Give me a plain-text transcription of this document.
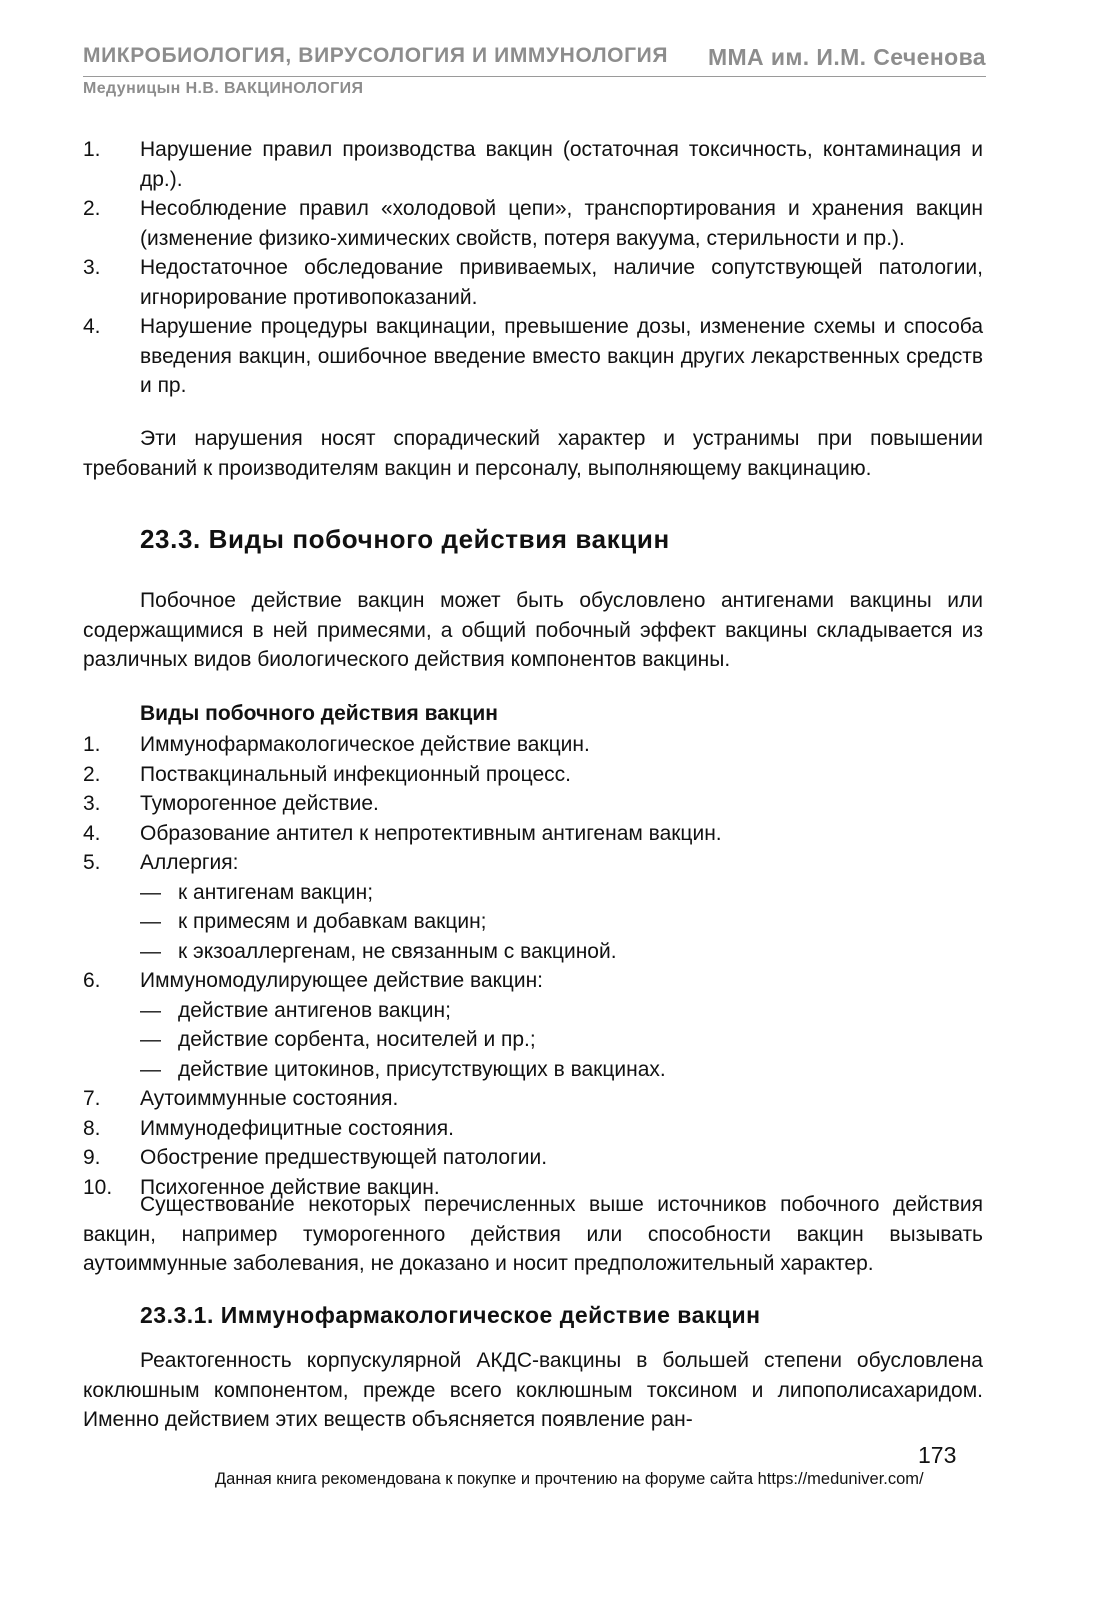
МИКРОБИОЛОГИЯ, ВИРУСОЛОГИЯ И ИММУНОЛОГИЯ ММА им. И.М. Сеченова
Медуницын Н.В. ВАКЦИНОЛОГИЯ
1. Нарушение правил производства вакцин (остаточная токсичность, контаминация и др.).
2. Несоблюдение правил «холодовой цепи», транспортирования и хранения вакцин (изменение физико-химических свойств, потеря вакуума, стерильности и пр.).
3. Недостаточное обследование прививаемых, наличие сопутствующей патологии, игнорирование противопоказаний.
4. Нарушение процедуры вакцинации, превышение дозы, изменение схемы и способа введения вакцин, ошибочное введение вместо вакцин других лекарственных средств и пр.
Эти нарушения носят спорадический характер и устранимы при повышении требований к производителям вакцин и персоналу, выполняющему вакцинацию.
23.3. Виды побочного действия вакцин
Побочное действие вакцин может быть обусловлено антигенами вакцины или содержащимися в ней примесями, а общий побочный эффект вакцины складывается из различных видов биологического действия компонентов вакцины.
Виды побочного действия вакцин
1. Иммунофармакологическое действие вакцин.
2. Поствакцинальный инфекционный процесс.
3. Туморогенное действие.
4. Образование антител к непротективным антигенам вакцин.
5. Аллергия:
— к антигенам вакцин;
— к примесям и добавкам вакцин;
— к экзоаллергенам, не связанным с вакциной.
6. Иммуномодулирующее действие вакцин:
— действие антигенов вакцин;
— действие сорбента, носителей и пр.;
— действие цитокинов, присутствующих в вакцинах.
7. Аутоиммунные состояния.
8. Иммунодефицитные состояния.
9. Обострение предшествующей патологии.
10. Психогенное действие вакцин.
Существование некоторых перечисленных выше источников побочного действия вакцин, например туморогенного действия или способности вакцин вызывать аутоиммунные заболевания, не доказано и носит предположительный характер.
23.3.1. Иммунофармакологическое действие вакцин
Реактогенность корпускулярной АКДС-вакцины в большей степени обусловлена коклюшным компонентом, прежде всего коклюшным токсином и липополисахаридом. Именно действием этих веществ объясняется появление ран-
173
Данная книга рекомендована к покупке и прочтению на форуме сайта https://meduniver.com/
